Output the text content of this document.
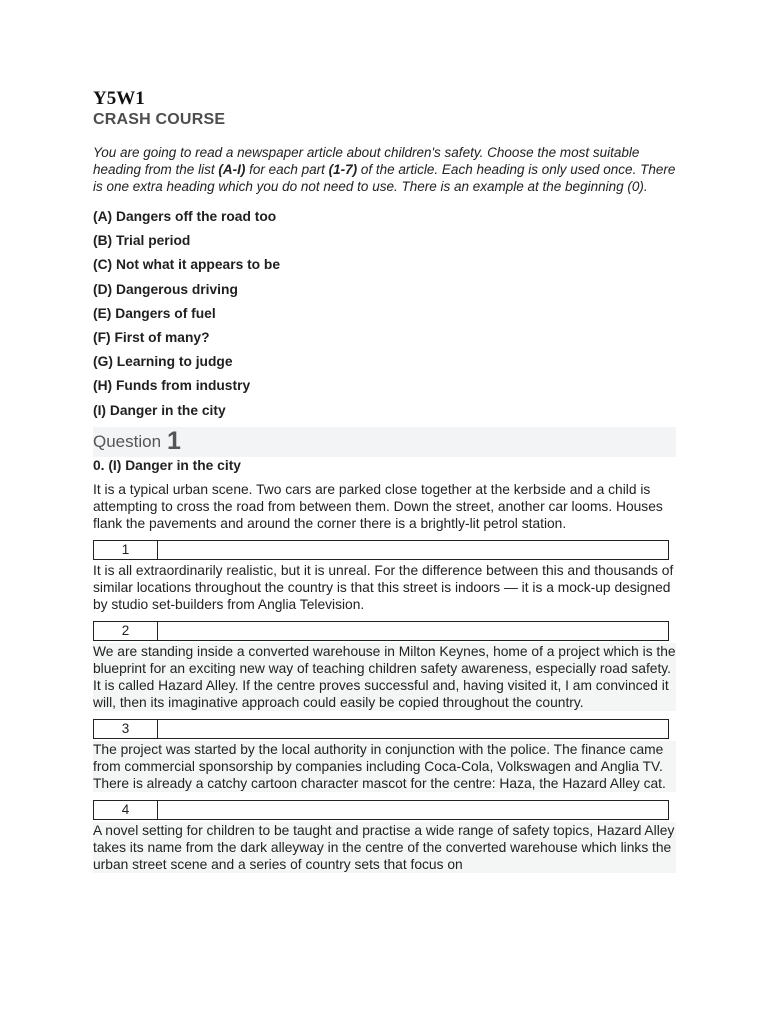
Y5W1
CRASH COURSE

You are going to read a newspaper article about children's safety. Choose the most suitable heading from the list (A-I) for each part (1-7) of the article. Each heading is only used once. There is one extra heading which you do not need to use. There is an example at the beginning (0).

(A) Dangers off the road too
(B) Trial period
(C) Not what it appears to be
(D) Dangerous driving
(E) Dangers of fuel
(F) First of many?
(G) Learning to judge
(H) Funds from industry
(I) Danger in the city
Question 1

0. (I) Danger in the city

It is a typical urban scene. Two cars are parked close together at the kerbside and a child is attempting to cross the road from between them. Down the street, another car looms. Houses flank the pavements and around the corner there is a brightly-lit petrol station.

1

It is all extraordinarily realistic, but it is unreal. For the difference between this and thousands of similar locations throughout the country is that this street is indoors — it is a mock-up designed by studio set-builders from Anglia Television.

2

We are standing inside a converted warehouse in Milton Keynes, home of a project which is the blueprint for an exciting new way of teaching children safety awareness, especially road safety. It is called Hazard Alley. If the centre proves successful and, having visited it, I am convinced it will, then its imaginative approach could easily be copied throughout the country.

3

The project was started by the local authority in conjunction with the police. The finance came from commercial sponsorship by companies including Coca-Cola, Volkswagen and Anglia TV. There is already a catchy cartoon character mascot for the centre: Haza, the Hazard Alley cat.

4

A novel setting for children to be taught and practise a wide range of safety topics, Hazard Alley takes its name from the dark alleyway in the centre of the converted warehouse which links the urban street scene and a series of country sets that focus on
